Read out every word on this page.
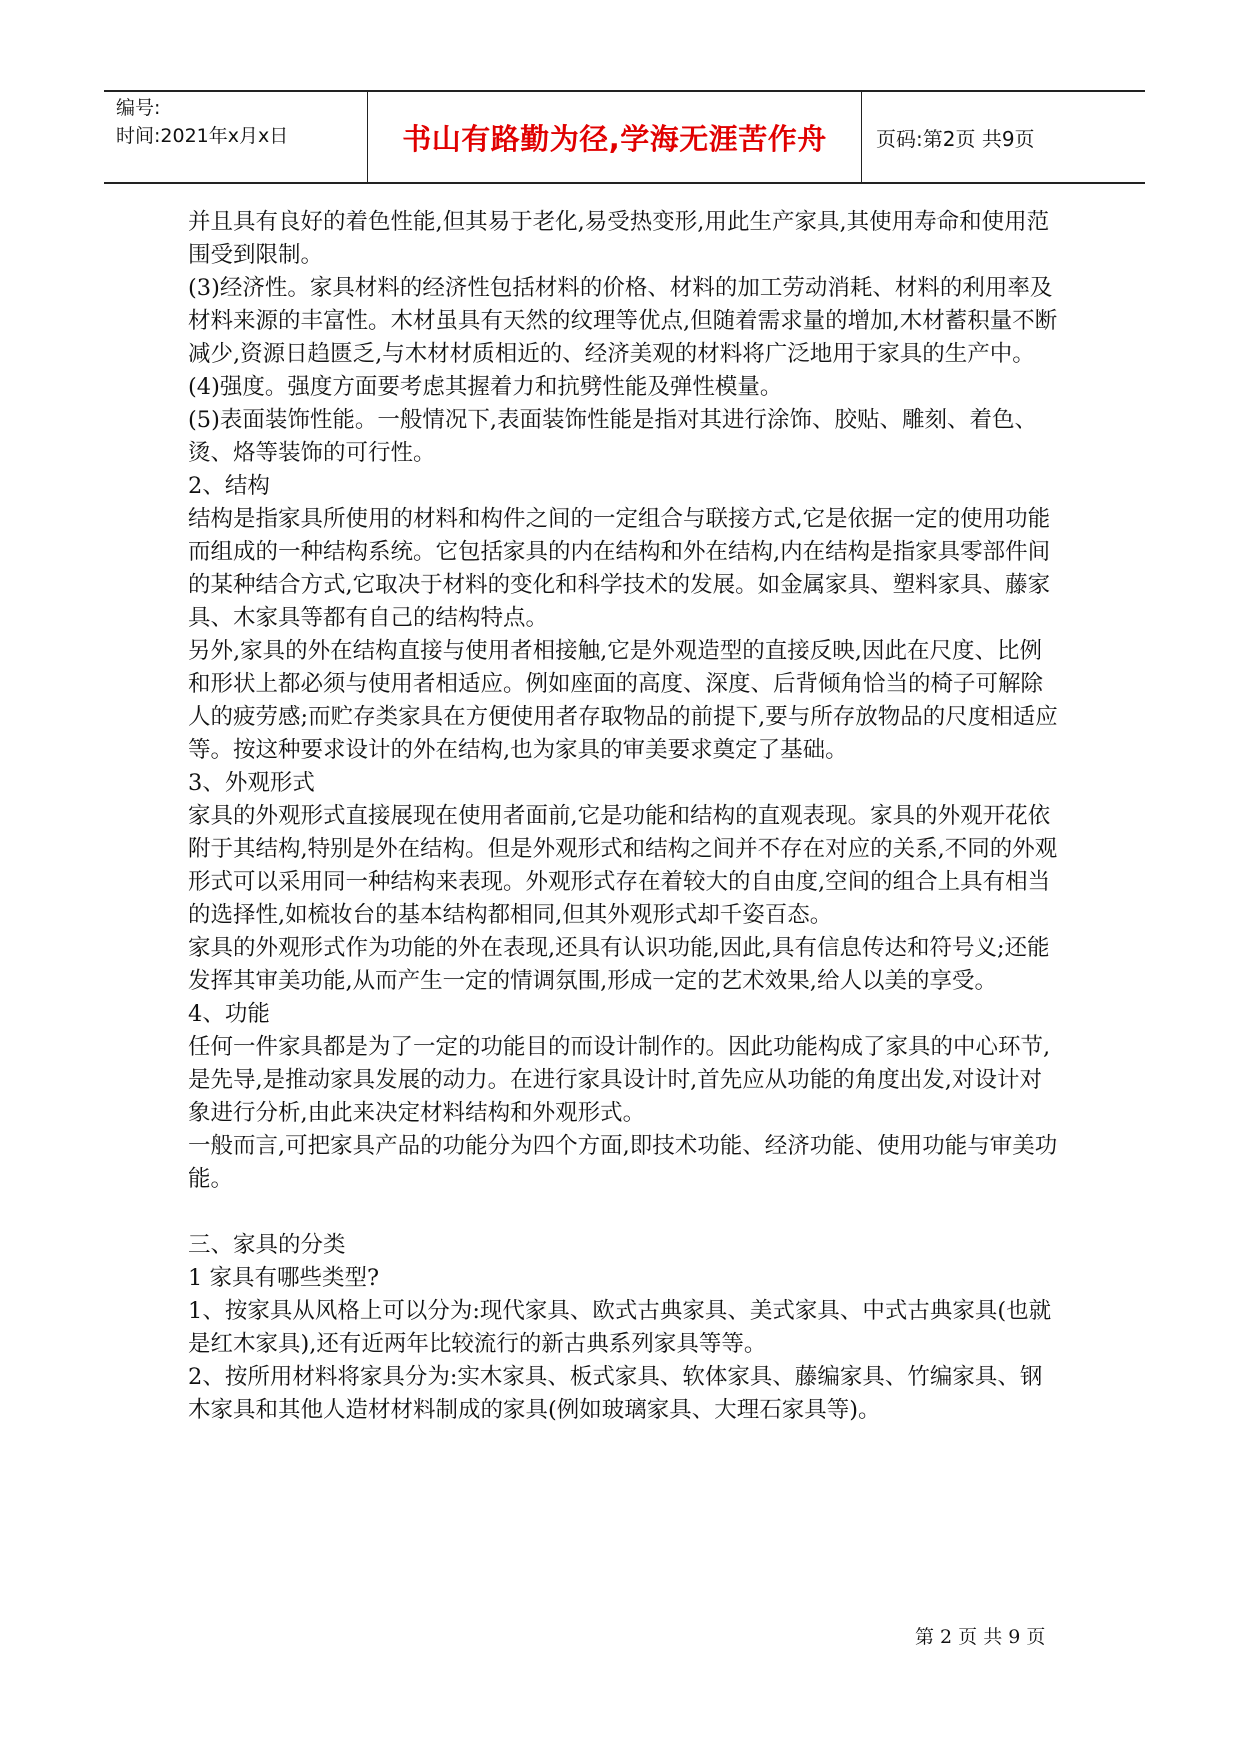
编号:
时间:2021年x月x日	书山有路勤为径,学海无涯苦作舟	页码:第2页 共9页

并且具有良好的着色性能,但其易于老化,易受热变形,用此生产家具,其使用寿命和使用范围受到限制。

(3)经济性。家具材料的经济性包括材料的价格、材料的加工劳动消耗、材料的利用率及材料来源的丰富性。木材虽具有天然的纹理等优点,但随着需求量的增加,木材蓄积量不断减少,资源日趋匮乏,与木材材质相近的、经济美观的材料将广泛地用于家具的生产中。

(4)强度。强度方面要考虑其握着力和抗劈性能及弹性模量。

(5)表面装饰性能。一般情况下,表面装饰性能是指对其进行涂饰、胶贴、雕刻、着色、烫、烙等装饰的可行性。

2、结构

结构是指家具所使用的材料和构件之间的一定组合与联接方式,它是依据一定的使用功能而组成的一种结构系统。它包括家具的内在结构和外在结构,内在结构是指家具零部件间的某种结合方式,它取决于材料的变化和科学技术的发展。如金属家具、塑料家具、藤家具、木家具等都有自己的结构特点。

另外,家具的外在结构直接与使用者相接触,它是外观造型的直接反映,因此在尺度、比例和形状上都必须与使用者相适应。例如座面的高度、深度、后背倾角恰当的椅子可解除人的疲劳感;而贮存类家具在方便使用者存取物品的前提下,要与所存放物品的尺度相适应等。按这种要求设计的外在结构,也为家具的审美要求奠定了基础。

3、外观形式

家具的外观形式直接展现在使用者面前,它是功能和结构的直观表现。家具的外观开花依附于其结构,特别是外在结构。但是外观形式和结构之间并不存在对应的关系,不同的外观形式可以采用同一种结构来表现。外观形式存在着较大的自由度,空间的组合上具有相当的选择性,如梳妆台的基本结构都相同,但其外观形式却千姿百态。

家具的外观形式作为功能的外在表现,还具有认识功能,因此,具有信息传达和符号义;还能发挥其审美功能,从而产生一定的情调氛围,形成一定的艺术效果,给人以美的享受。

4、功能

任何一件家具都是为了一定的功能目的而设计制作的。因此功能构成了家具的中心环节,是先导,是推动家具发展的动力。在进行家具设计时,首先应从功能的角度出发,对设计对象进行分析,由此来决定材料结构和外观形式。

一般而言,可把家具产品的功能分为四个方面,即技术功能、经济功能、使用功能与审美功能。

三、家具的分类

1 家具有哪些类型?

1、按家具从风格上可以分为:现代家具、欧式古典家具、美式家具、中式古典家具(也就是红木家具),还有近两年比较流行的新古典系列家具等等。

2、按所用材料将家具分为:实木家具、板式家具、软体家具、藤编家具、竹编家具、钢木家具和其他人造材材料制成的家具(例如玻璃家具、大理石家具等)。

第 2 页 共 9 页
